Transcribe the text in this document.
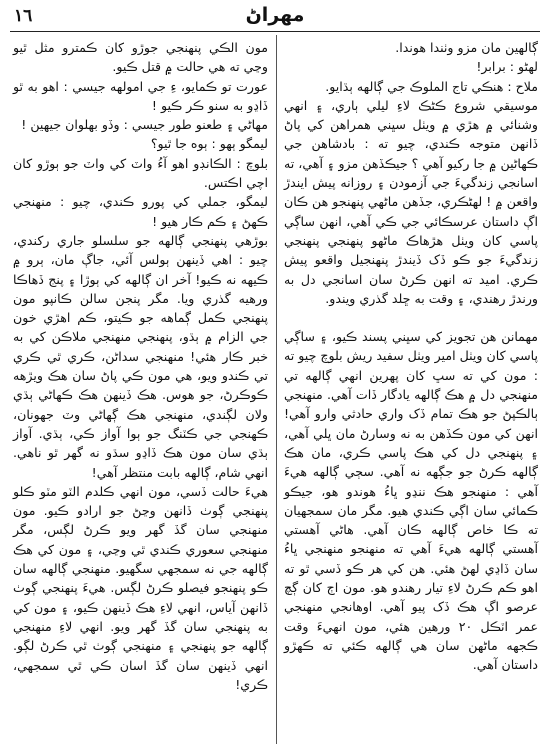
١٦	مهراڻ

ڳالهين مان مزو وٺندا هوندا.

لهڻو : برابر!

ملاح : هنڪي تاج الملوڪ جي ڳالهه ٻڌايو.

موسيقي شروع ڪڻڪ لاءِ ليلي ٻاري، ۽ انهي وشنائي ۾ هڙي ۾ ويٺل سڀني همراهن کي پاڻ ڏانهن متوجه ڪندي، چيو ته : بادشاهن جي ڪهاڻين ۾ جا رکيو آهي ؟ جيڪڏهن مزو ۽ آهي، ته اسانجي زندگيءَ جي آزمودن ۽ روزانه پيش ايندڙ واقعن ۾ ! لهڻڪري، جڏهن ماڻهي پنهنجو هن ڪان اڳ داستان عرسڪائي جي ڪي آهي، انهن ساڳي پاسي کان ويٺل هڙهاڪ ماڻهو پنهنجي پنهنجي زندگيءَ جو ڪو ڏک ڏيندڙ پنهنجيل واقعو پيش ڪري. اميد ته انهن ڪرڻ سان اسانجي دل به ورندڙ رهندي، ۽ وقت به ڇلد گذري ويندو.

مهمانن هن تجويز کي سڀني پسند ڪيو، ۽ ساڳي پاسي کان ويٺل امير ويٺل سفيد ريش بلوچ چيو ته : مون کي ته سڀ کان پهرين انهي ڳالهه تي منهنجي دل ۾ هڪ ڳالهه يادگار ڏات آهي. منهنجي ٻالڪپڻ جو هڪ تمام ڏک واري حادثي وارو آهي! انهن کي مون ڪڏهن به نه وسارڻ مان ڀلي آهي، ۽ پنهنجي دل کي هڪ پاسي ڪري، مان هڪ ڳالهه ڪرڻ جو جڳهه نه آهي. سڄي ڳالهه هيءَ آهي : منهنجو هڪ ننڍو ڀاءُ هوندو هو، جيڪو ڪمائي سان اڳي ڪندي هيو. مگر مان سمجهيان ته ڪا خاص ڳالهه ڪان آهي. هاڻي آهستي آهستي ڳالهه هيءَ آهي ته منهنجو منهنجي ڀاءُ سان ڏاڍي لهڻ هئي. هن کي هر ڪو ڏسي ٿو ته اهو ڪم ڪرڻ لاءِ تيار رهندو هو. مون اڄ کان ڳچ عرصو اڳ هڪ ڏک پيو آهي. اوهانجي منهنجي عمر اٽڪل ٢٠ ورهين هئي، مون انهيءَ وقت ڪجهه ماڻهن سان هي ڳالهه ڪئي ته ڪهڙو داستان آهي.

مون الڪي پنهنجي جوڙو کان ڪمترو مثل ٿيو وڃي ته هي حالت ۾ قتل ڪيو.

عورت تو ڪمايو، ءِ جي امولهه جيسي : اهو به ٿو ڏاڍو به سنو ڪر ڪيو !

مهاڻي ۽ طعنو طور جيسي : وڏو بهلوان جيهين !

ليمگو ٻهو : ٻوه جا ٿيو؟

بلوچ : الڪانڊو اهو آءُ واٽ کي واٽ جو ٻوڙو کان اچي اڪتس.

ليمگو، جملي کي پورو ڪندي، چيو : منهنجي ڪهڻ ۽ ڪم ڪار هيو !

بوڙهي پنهنجي ڳالهه جو سلسلو جاري رکندي، چيو : اهي ڏينهن ٻولس آئي، جاڳ مان، ٻرو ۾ ڪيهه نه ڪيو! آخر ان ڳالهه کي ٻوڙا ۽ پنج ڏهاڪا ورهيه گذري ويا. مگر پنجن سالن ڪانپو مون پنهنجي ڪمل ڳماهه جو ڪيتو، ڪم اهڙي خون جي الزام ۾ ٻڌو، پنهنجي منهنجي ملاڪن کي به خبر ڪار هئي! منهنجي سداڻن، ڪري ٿي ڪري تي ڪندو ويو، هي مون ڪي پاڻ سان هڪ ويڙهه ڪوڪرڻ، جو هوس. هڪ ڏينهن هڪ ڪهاڻي ٻڌي ولان لڳندي، منهنجي هڪ ڳهاڻي وٽ جهونان، ڪهنجي جي ڪٽنگ جو ٻوا آواز ڪي، ٻڌي. آواز ٻڌي سان مون هڪ ڏاڍو سڌو نه گهر ٿو ناهي. انهي شام، ڳالهه بابت منتظر آهي!

هيءَ حالت ڏسي، مون انهي ڪلدم الٽو مٽو ڪلو پنهنجي ڳوٺ ڏانهن وڃڻ جو ارادو ڪيو. مون منهنجي سان گڏ گهر ويو ڪرڻ لڳس، مگر منهنجي سعوري ڪندي ٿي وڃي، ۽ مون کي هڪ ڳالهه جي نه سمجهي سگهيو. منهنجي ڳالهه سان ڪو پنهنجو فيصلو ڪرڻ لڳس. هيءَ پنهنجي ڳوٺ ڏانهن آياس، انهي لاءِ هڪ ڏينهن ڪيو، ۽ مون کي به پنهنجي سان گڏ گهر ويو. انهي لاءِ منهنجي ڳالهه جو پنهنجي ۽ منهنجي ڳوٺ ٿي ڪرڻ لڳو. انهي ڏينهن سان گڏ اسان ڪي ٿي سمجهي، ڪري!
